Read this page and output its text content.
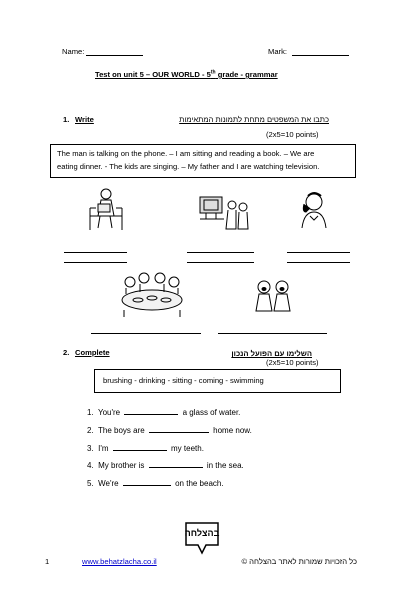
Name:	Mark:
Test on unit 5 – OUR WORLD - 5th grade - grammar
1. Write	כתבו את המשפטים מתחת לתמונות המתאימות
(2x5=10 points)
The man is talking on the phone. – I am sitting and reading a book. – We are
eating dinner. - The kids are singing. – My father and I are watching television.
2. Complete	השלימו עם הפועל הנכון
(2x5=10 points)
brushing - drinking - sitting - coming - swimming
1. You're	a glass of water.
2. The boys are	home now.
3. I'm	my teeth.
4. My brother is	in the sea.
5. We're	on the beach.
בהצלחה
1	www.behatzlacha.co.il	כל הזכויות שמורות לאתר בהצלחה ©
